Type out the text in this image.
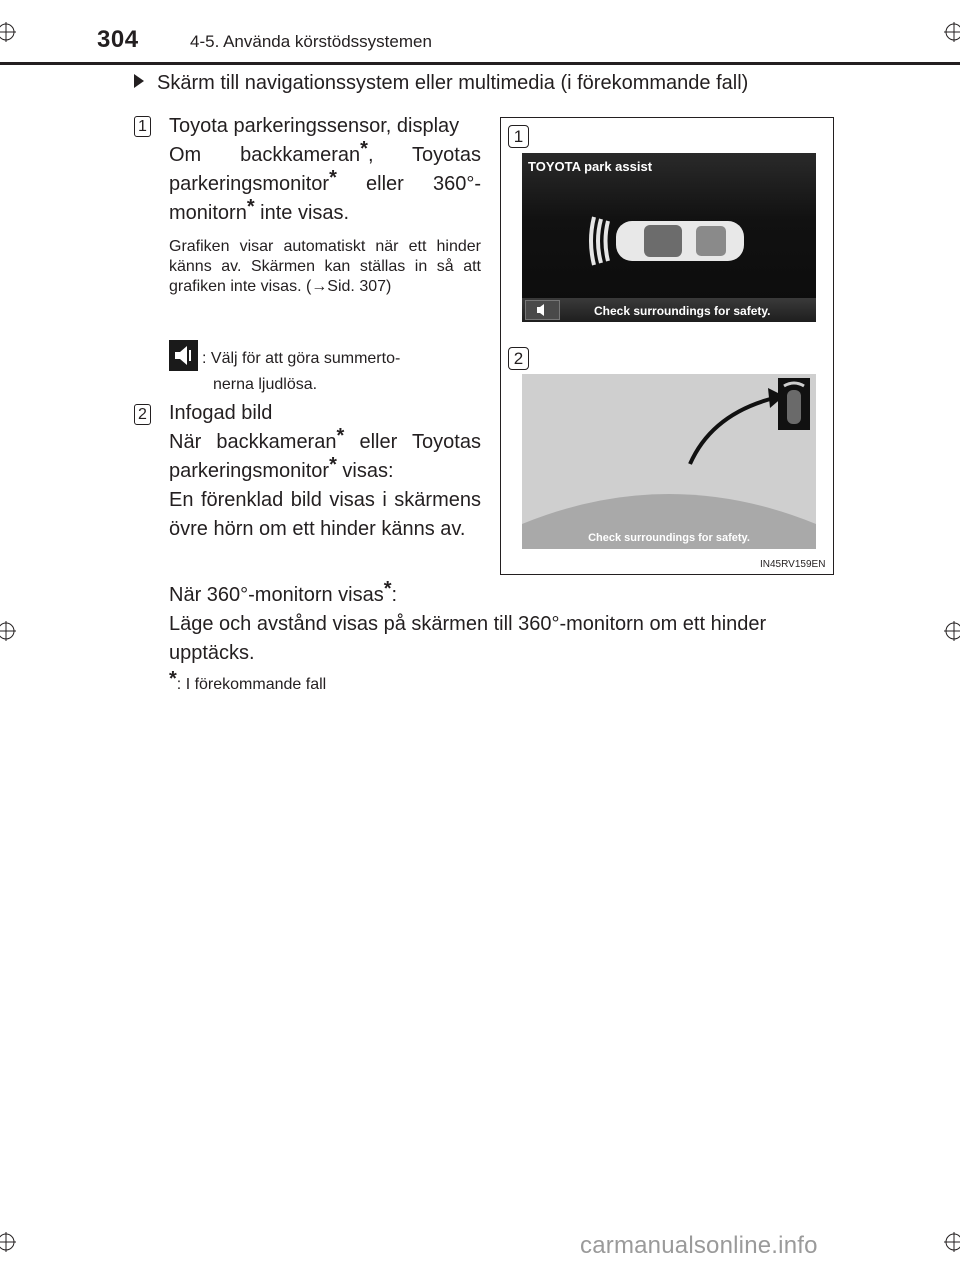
304	4-5. Använda körstödssystemen
Skärm till navigationssystem eller multimedia (i förekommande fall)
1 Toyota parkeringssensor, display
Om backkameran*, Toyotas parkeringsmonitor* eller 360°-monitorn* inte visas.
Grafiken visar automatiskt när ett hinder känns av. Skärmen kan ställas in så att grafiken inte visas. (→Sid. 307)
: Välj för att göra summerto-
nerna ljudlösa.
2 Infogad bild
När backkameran* eller Toyotas parkeringsmonitor* visas:
En förenklad bild visas i skärmens övre hörn om ett hinder känns av.
När 360°-monitorn visas*:
Läge och avstånd visas på skärmen till 360°-monitorn om ett hinder upptäcks.
*: I förekommande fall
1
2
TOYOTA park assist
Check surroundings for safety.
Check surroundings for safety.
IN45RV159EN
carmanualsonline.info
